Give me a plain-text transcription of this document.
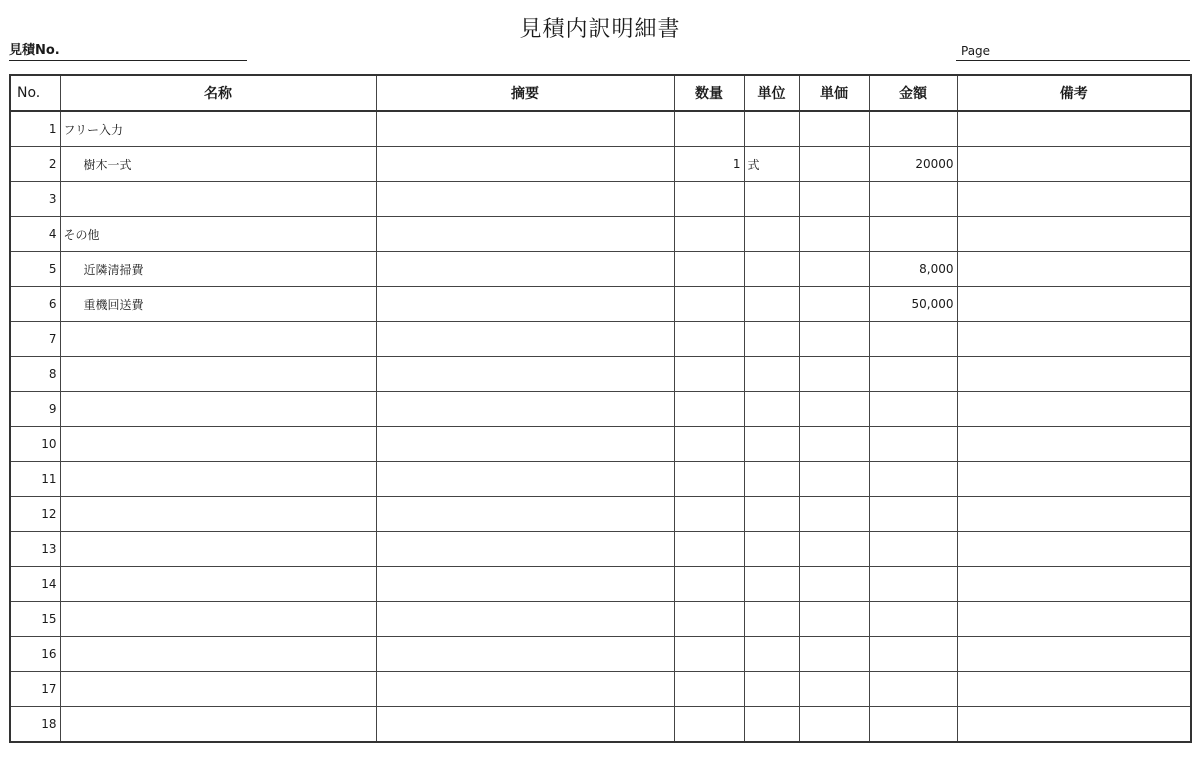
見積内訳明細書
見積No.	Page
No.	名称	摘要	数量	単位	単価	金額	備考
1	フリー入力						
2	樹木一式		1	式		20000	
3							
4	その他						
5	近隣清掃費					8,000	
6	重機回送費					50,000	
7							
8							
9							
10							
11							
12							
13							
14							
15							
16							
17							
18							
